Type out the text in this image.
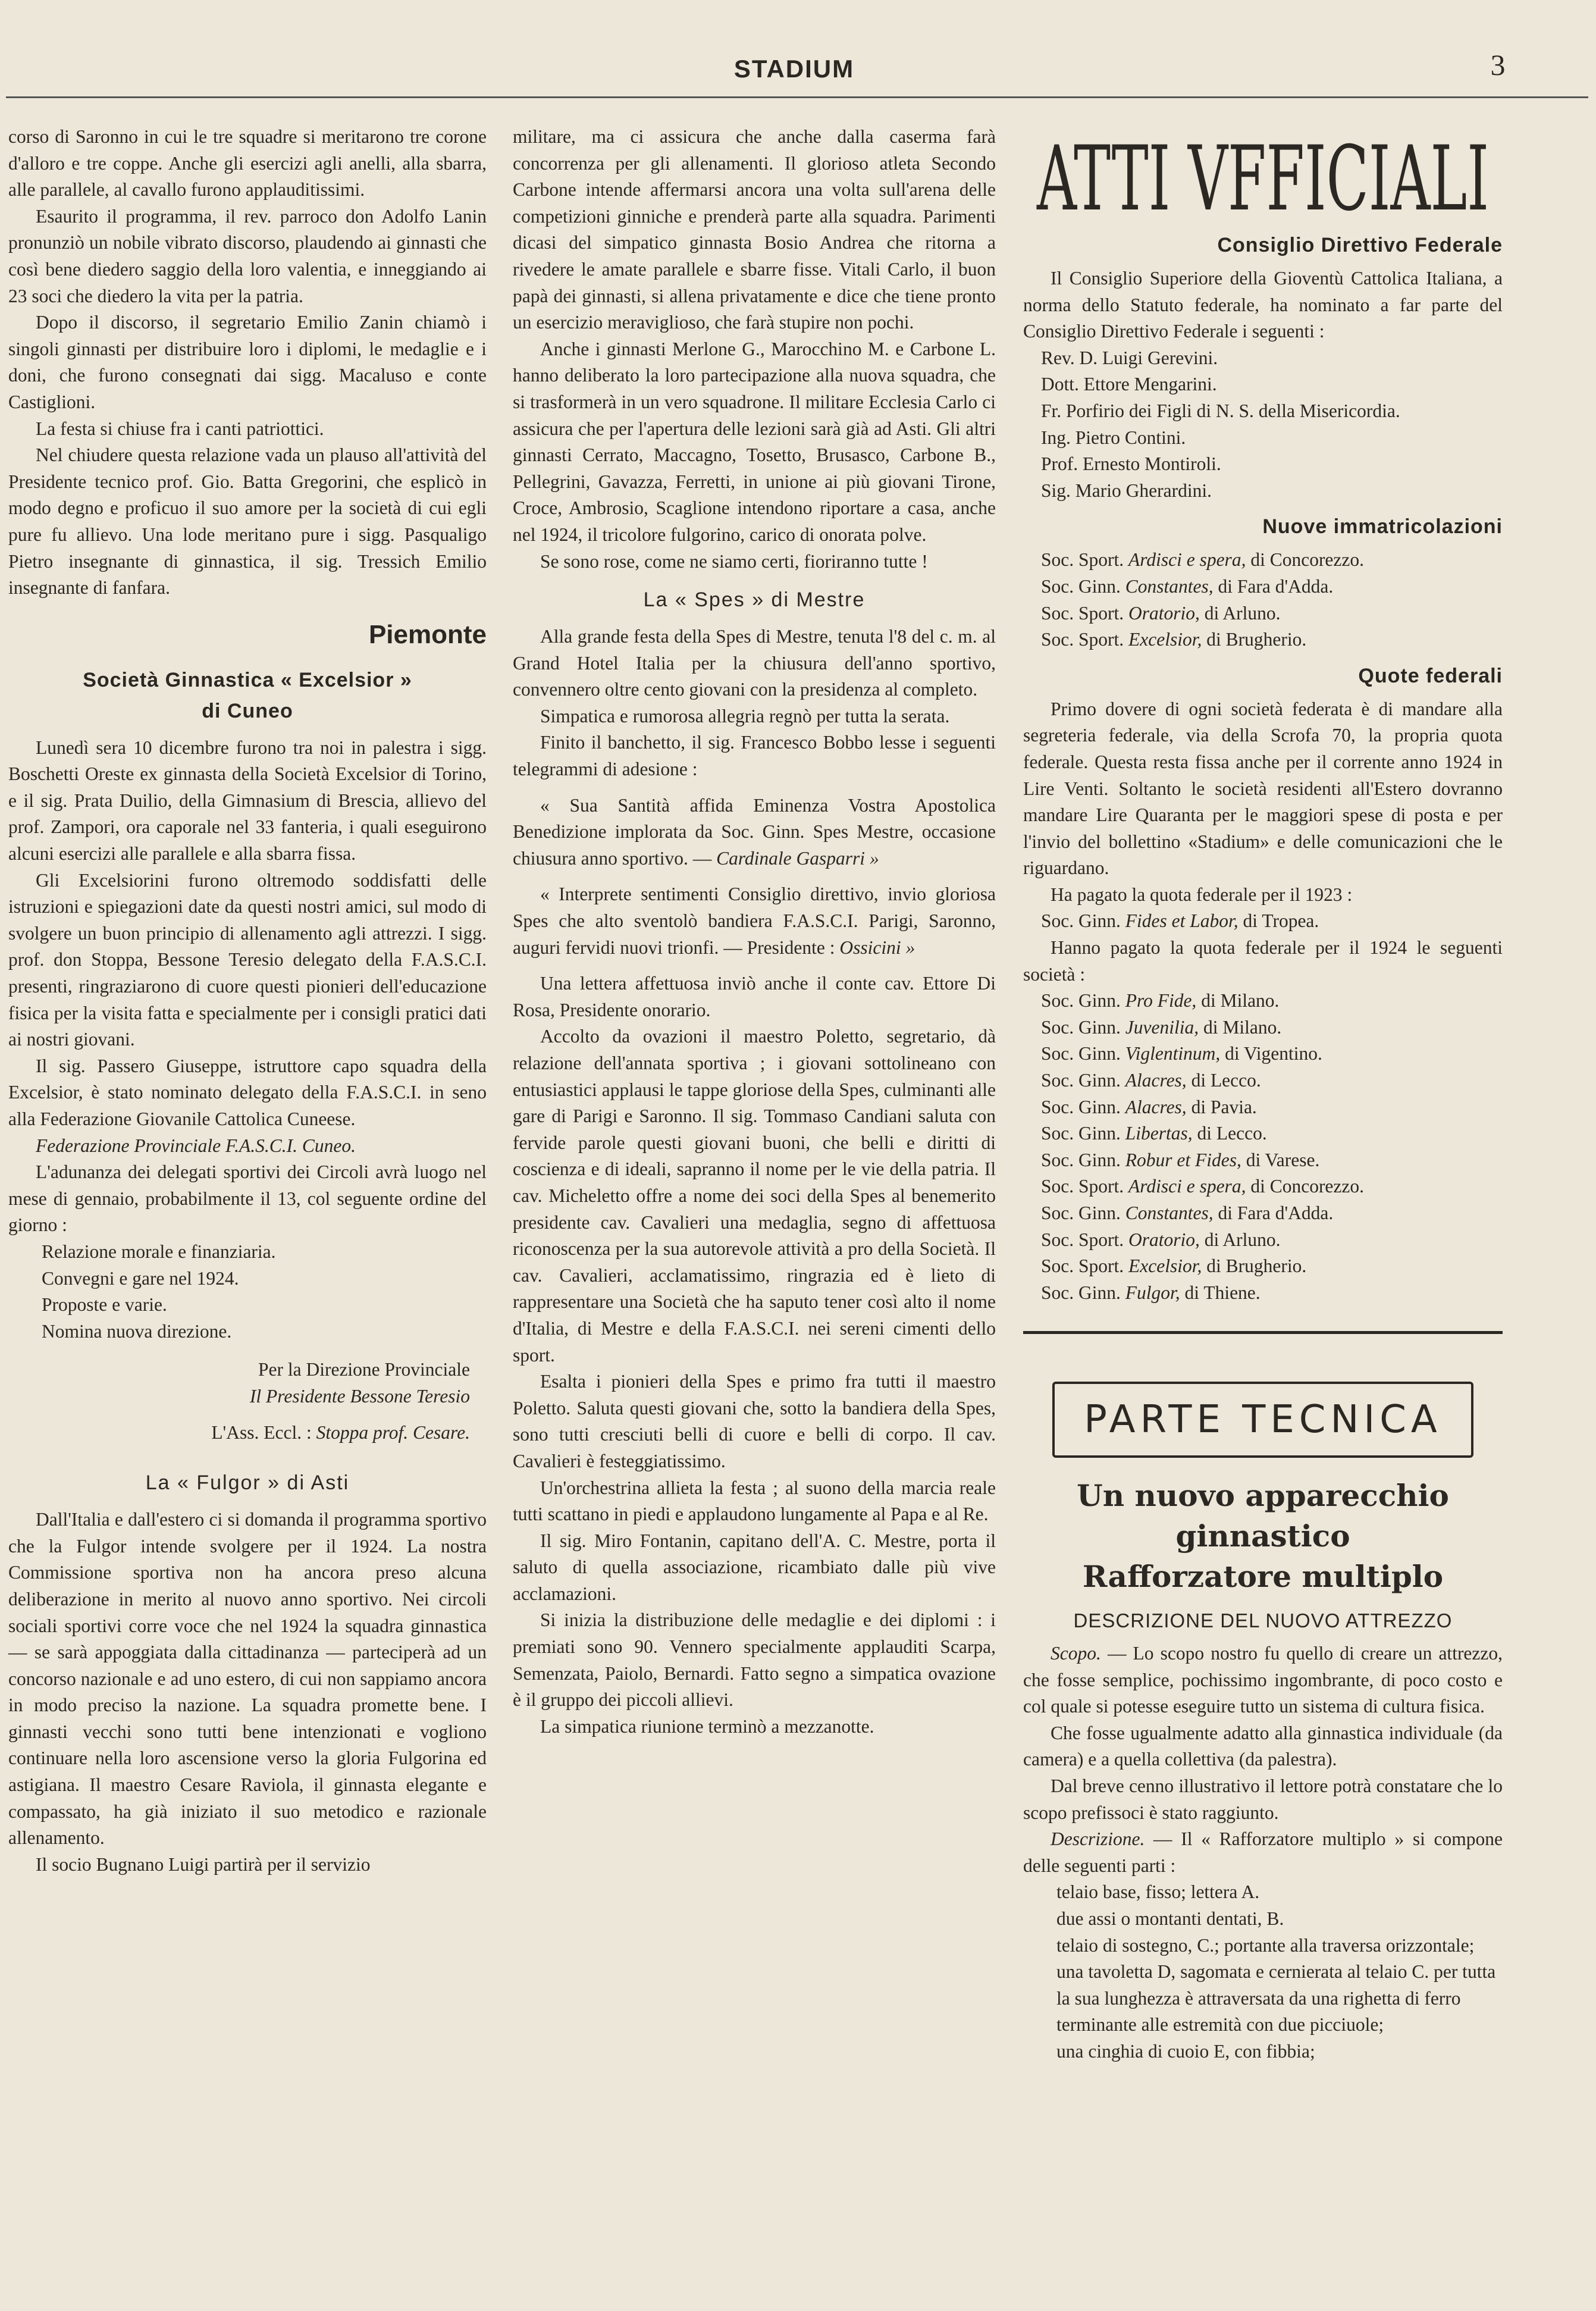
STADIUM	3

corso di Saronno in cui le tre squadre si meritarono tre corone d'alloro e tre coppe. Anche gli esercizi agli anelli, alla sbarra, alle parallele, al cavallo furono applauditissimi.

Esaurito il programma, il rev. parroco don Adolfo Lanin pronunziò un nobile vibrato discorso, plaudendo ai ginnasti che così bene diedero saggio della loro valentia, e inneggiando ai 23 soci che diedero la vita per la patria.

Dopo il discorso, il segretario Emilio Zanin chiamò i singoli ginnasti per distribuire loro i diplomi, le medaglie e i doni, che furono consegnati dai sigg. Macaluso e conte Castiglioni.

La festa si chiuse fra i canti patriottici.

Nel chiudere questa relazione vada un plauso all'attività del Presidente tecnico prof. Gio. Batta Gregorini, che esplicò in modo degno e proficuo il suo amore per la società di cui egli pure fu allievo. Una lode meritano pure i sigg. Pasqualigo Pietro insegnante di ginnastica, il sig. Tressich Emilio insegnante di fanfara.

Piemonte
Società Ginnastica « Excelsior »
di Cuneo

Lunedì sera 10 dicembre furono tra noi in palestra i sigg. Boschetti Oreste ex ginnasta della Società Excelsior di Torino, e il sig. Prata Duilio, della Gimnasium di Brescia, allievo del prof. Zampori, ora caporale nel 33 fanteria, i quali eseguirono alcuni esercizi alle parallele e alla sbarra fissa.

Gli Excelsiorini furono oltremodo soddisfatti delle istruzioni e spiegazioni date da questi nostri amici, sul modo di svolgere un buon principio di allenamento agli attrezzi. I sigg. prof. don Stoppa, Bessone Teresio delegato della F.A.S.C.I. presenti, ringraziarono di cuore questi pionieri dell'educazione fisica per la visita fatta e specialmente per i consigli pratici dati ai nostri giovani.

Il sig. Passero Giuseppe, istruttore capo squadra della Excelsior, è stato nominato delegato della F.A.S.C.I. in seno alla Federazione Giovanile Cattolica Cuneese.

Federazione Provinciale F.A.S.C.I. Cuneo.

L'adunanza dei delegati sportivi dei Circoli avrà luogo nel mese di gennaio, probabilmente il 13, col seguente ordine del giorno :

Relazione morale e finanziaria.
Convegni e gare nel 1924.
Proposte e varie.
Nomina nuova direzione.
Per la Direzione Provinciale
Il Presidente Bessone Teresio
L'Ass. Eccl. : Stoppa prof. Cesare.
La « Fulgor » di Asti

Dall'Italia e dall'estero ci si domanda il programma sportivo che la Fulgor intende svolgere per il 1924. La nostra Commissione sportiva non ha ancora preso alcuna deliberazione in merito al nuovo anno sportivo. Nei circoli sociali sportivi corre voce che nel 1924 la squadra ginnastica — se sarà appoggiata dalla cittadinanza — parteciperà ad un concorso nazionale e ad uno estero, di cui non sappiamo ancora in modo preciso la nazione. La squadra promette bene. I ginnasti vecchi sono tutti bene intenzionati e vogliono continuare nella loro ascensione verso la gloria Fulgorina ed astigiana. Il maestro Cesare Raviola, il ginnasta elegante e compassato, ha già iniziato il suo metodico e razionale allenamento.

Il socio Bugnano Luigi partirà per il servizio

militare, ma ci assicura che anche dalla caserma farà concorrenza per gli allenamenti. Il glorioso atleta Secondo Carbone intende affermarsi ancora una volta sull'arena delle competizioni ginniche e prenderà parte alla squadra. Parimenti dicasi del simpatico ginnasta Bosio Andrea che ritorna a rivedere le amate parallele e sbarre fisse. Vitali Carlo, il buon papà dei ginnasti, si allena privatamente e dice che tiene pronto un esercizio meraviglioso, che farà stupire non pochi.

Anche i ginnasti Merlone G., Marocchino M. e Carbone L. hanno deliberato la loro partecipazione alla nuova squadra, che si trasformerà in un vero squadrone. Il militare Ecclesia Carlo ci assicura che per l'apertura delle lezioni sarà già ad Asti. Gli altri ginnasti Cerrato, Maccagno, Tosetto, Brusasco, Carbone B., Pellegrini, Gavazza, Ferretti, in unione ai più giovani Tirone, Croce, Ambrosio, Scaglione intendono riportare a casa, anche nel 1924, il tricolore fulgorino, carico di onorata polve.

Se sono rose, come ne siamo certi, fioriranno tutte !

La « Spes » di Mestre

Alla grande festa della Spes di Mestre, tenuta l'8 del c. m. al Grand Hotel Italia per la chiusura dell'anno sportivo, convennero oltre cento giovani con la presidenza al completo.

Simpatica e rumorosa allegria regnò per tutta la serata.

Finito il banchetto, il sig. Francesco Bobbo lesse i seguenti telegrammi di adesione :

« Sua Santità affida Eminenza Vostra Apostolica Benedizione implorata da Soc. Ginn. Spes Mestre, occasione chiusura anno sportivo. — Cardinale Gasparri »

« Interprete sentimenti Consiglio direttivo, invio gloriosa Spes che alto sventolò bandiera F.A.S.C.I. Parigi, Saronno, auguri fervidi nuovi trionfi. — Presidente : Ossicini »

Una lettera affettuosa inviò anche il conte cav. Ettore Di Rosa, Presidente onorario.

Accolto da ovazioni il maestro Poletto, segretario, dà relazione dell'annata sportiva ; i giovani sottolineano con entusiastici applausi le tappe gloriose della Spes, culminanti alle gare di Parigi e Saronno. Il sig. Tommaso Candiani saluta con fervide parole questi giovani buoni, che belli e diritti di coscienza e di ideali, sapranno il nome per le vie della patria. Il cav. Micheletto offre a nome dei soci della Spes al benemerito presidente cav. Cavalieri una medaglia, segno di affettuosa riconoscenza per la sua autorevole attività a pro della Società. Il cav. Cavalieri, acclamatissimo, ringrazia ed è lieto di rappresentare una Società che ha saputo tener così alto il nome d'Italia, di Mestre e della F.A.S.C.I. nei sereni cimenti dello sport.

Esalta i pionieri della Spes e primo fra tutti il maestro Poletto. Saluta questi giovani che, sotto la bandiera della Spes, sono tutti cresciuti belli di cuore e belli di corpo. Il cav. Cavalieri è festeggiatissimo.

Un'orchestrina allieta la festa ; al suono della marcia reale tutti scattano in piedi e applaudono lungamente al Papa e al Re.

Il sig. Miro Fontanin, capitano dell'A. C. Mestre, porta il saluto di quella associazione, ricambiato dalle più vive acclamazioni.

Si inizia la distribuzione delle medaglie e dei diplomi : i premiati sono 90. Vennero specialmente applauditi Scarpa, Semenzata, Paiolo, Bernardi. Fatto segno a simpatica ovazione è il gruppo dei piccoli allievi.

La simpatica riunione terminò a mezzanotte.

ATTI VFFICIALI
Consiglio Direttivo Federale

Il Consiglio Superiore della Gioventù Cattolica Italiana, a norma dello Statuto federale, ha nominato a far parte del Consiglio Direttivo Federale i seguenti :

Rev. D. Luigi Gerevini.
Dott. Ettore Mengarini.
Fr. Porfirio dei Figli di N. S. della Misericordia.
Ing. Pietro Contini.
Prof. Ernesto Montiroli.
Sig. Mario Gherardini.
Nuove immatricolazioni
Soc. Sport. Ardisci e spera, di Concorezzo.
Soc. Ginn. Constantes, di Fara d'Adda.
Soc. Sport. Oratorio, di Arluno.
Soc. Sport. Excelsior, di Brugherio.
Quote federali

Primo dovere di ogni società federata è di mandare alla segreteria federale, via della Scrofa 70, la propria quota federale. Questa resta fissa anche per il corrente anno 1924 in Lire Venti. Soltanto le società residenti all'Estero dovranno mandare Lire Quaranta per le maggiori spese di posta e per l'invio del bollettino «Stadium» e delle comunicazioni che le riguardano.

Ha pagato la quota federale per il 1923 :

Soc. Ginn. Fides et Labor, di Tropea.

Hanno pagato la quota federale per il 1924 le seguenti società :

Soc. Ginn. Pro Fide, di Milano.
Soc. Ginn. Juvenilia, di Milano.
Soc. Ginn. Viglentinum, di Vigentino.
Soc. Ginn. Alacres, di Lecco.
Soc. Ginn. Alacres, di Pavia.
Soc. Ginn. Libertas, di Lecco.
Soc. Ginn. Robur et Fides, di Varese.
Soc. Sport. Ardisci e spera, di Concorezzo.
Soc. Ginn. Constantes, di Fara d'Adda.
Soc. Sport. Oratorio, di Arluno.
Soc. Sport. Excelsior, di Brugherio.
Soc. Ginn. Fulgor, di Thiene.
PARTE TECNICA
Un nuovo apparecchio ginnastico
Rafforzatore multiplo
DESCRIZIONE DEL NUOVO ATTREZZO

Scopo. — Lo scopo nostro fu quello di creare un attrezzo, che fosse semplice, pochissimo ingombrante, di poco costo e col quale si potesse eseguire tutto un sistema di cultura fisica.

Che fosse ugualmente adatto alla ginnastica individuale (da camera) e a quella collettiva (da palestra).

Dal breve cenno illustrativo il lettore potrà constatare che lo scopo prefissoci è stato raggiunto.

Descrizione. — Il « Rafforzatore multiplo » si compone delle seguenti parti :

telaio base, fisso; lettera A.
due assi o montanti dentati, B.
telaio di sostegno, C.; portante alla traversa orizzontale;
una tavoletta D, sagomata e cernierata al telaio C. per tutta la sua lunghezza è attraversata da una righetta di ferro terminante alle estremità con due picciuole;
una cinghia di cuoio E, con fibbia;
